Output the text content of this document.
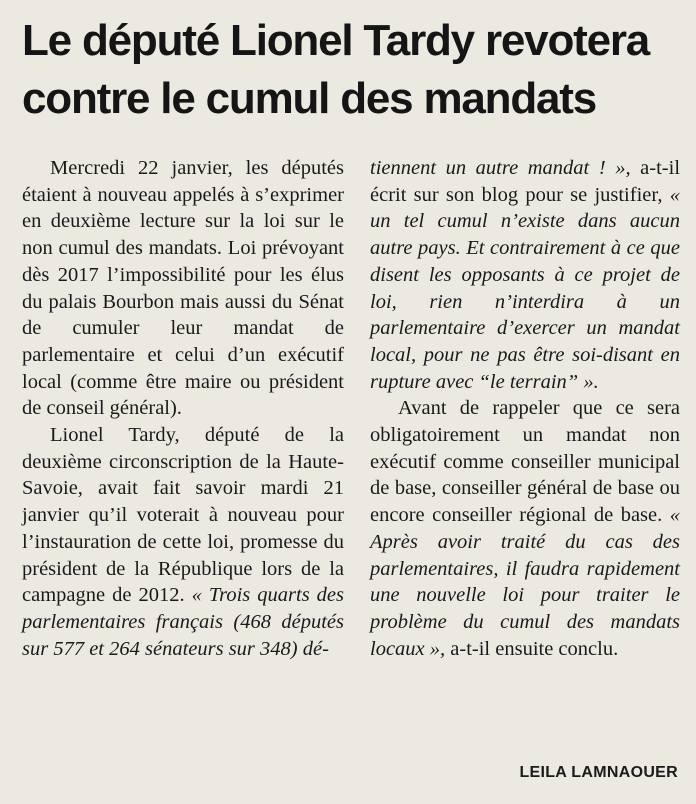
Le député Lionel Tardy revotera contre le cumul des mandats

Mercredi 22 janvier, les députés étaient à nouveau appelés à s’exprimer en deuxième lecture sur la loi sur le non cumul des mandats. Loi prévoyant dès 2017 l’impossibilité pour les élus du palais Bourbon mais aussi du Sénat de cumuler leur mandat de parlementaire et celui d’un exécutif local (comme être maire ou président de conseil général).

Lionel Tardy, député de la deuxième circonscription de la Haute-Savoie, avait fait savoir mardi 21 janvier qu’il voterait à nouveau pour l’instauration de cette loi, promesse du président de la République lors de la campagne de 2012. « Trois quarts des parlementaires français (468 députés sur 577 et 264 sénateurs sur 348) dé-

tiennent un autre mandat ! », a-t-il écrit sur son blog pour se justifier, « un tel cumul n’existe dans aucun autre pays. Et contrairement à ce que disent les opposants à ce projet de loi, rien n’interdira à un parlementaire d’exercer un mandat local, pour ne pas être soi-disant en rupture avec “le terrain” ».

Avant de rappeler que ce sera obligatoirement un mandat non exécutif comme conseiller municipal de base, conseiller général de base ou encore conseiller régional de base. « Après avoir traité du cas des parlementaires, il faudra rapidement une nouvelle loi pour traiter le problème du cumul des mandats locaux », a-t-il ensuite conclu.

LEILA LAMNAOUER
